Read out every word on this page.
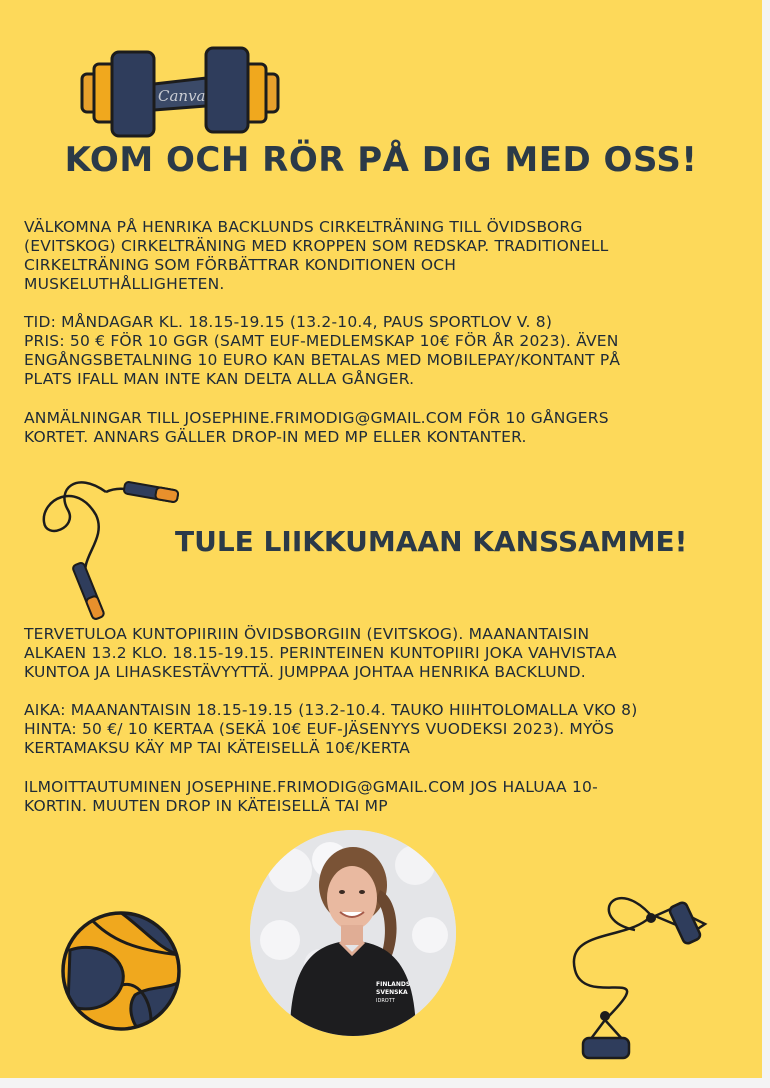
Canva
KOM OCH RÖR PÅ DIG MED OSS!
VÄLKOMNA PÅ HENRIKA BACKLUNDS CIRKELTRÄNING TILL ÖVIDSBORG
(EVITSKOG) CIRKELTRÄNING MED KROPPEN SOM REDSKAP. TRADITIONELL
CIRKELTRÄNING SOM FÖRBÄTTRAR KONDITIONEN OCH
MUSKELUTHÅLLIGHETEN.
TID: MÅNDAGAR KL. 18.15-19.15 (13.2-10.4, PAUS SPORTLOV V. 8)
PRIS: 50 € FÖR 10 GGR (SAMT EUF-MEDLEMSKAP 10€ FÖR ÅR 2023). ÄVEN
ENGÅNGSBETALNING 10 EURO KAN BETALAS MED MOBILEPAY/KONTANT PÅ
PLATS IFALL MAN INTE KAN DELTA ALLA GÅNGER.
ANMÄLNINGAR TILL JOSEPHINE.FRIMODIG@GMAIL.COM FÖR 10 GÅNGERS
KORTET. ANNARS GÄLLER DROP-IN MED MP ELLER KONTANTER.
TULE LIIKKUMAAN KANSSAMME!
TERVETULOA KUNTOPIIRIIN ÖVIDSBORGIIN (EVITSKOG). MAANANTAISIN
ALKAEN 13.2 KLO. 18.15-19.15. PERINTEINEN KUNTOPIIRI JOKA VAHVISTAA
KUNTOA JA LIHASKESTÄVYYTTÄ. JUMPPAA JOHTAA HENRIKA BACKLUND.
AIKA: MAANANTAISIN 18.15-19.15 (13.2-10.4. TAUKO HIIHTOLOMALLA VKO 8)
HINTA: 50 €/ 10 KERTAA (SEKÄ 10€ EUF-JÄSENYYS VUODEKSI 2023). MYÖS
KERTAMAKSU KÄY MP TAI KÄTEISELLÄ 10€/KERTA
ILMOITTAUTUMINEN JOSEPHINE.FRIMODIG@GMAIL.COM JOS HALUAA 10-
KORTIN. MUUTEN DROP IN KÄTEISELLÄ TAI MP
FINLANDS
SVENSKA
IDROTT
